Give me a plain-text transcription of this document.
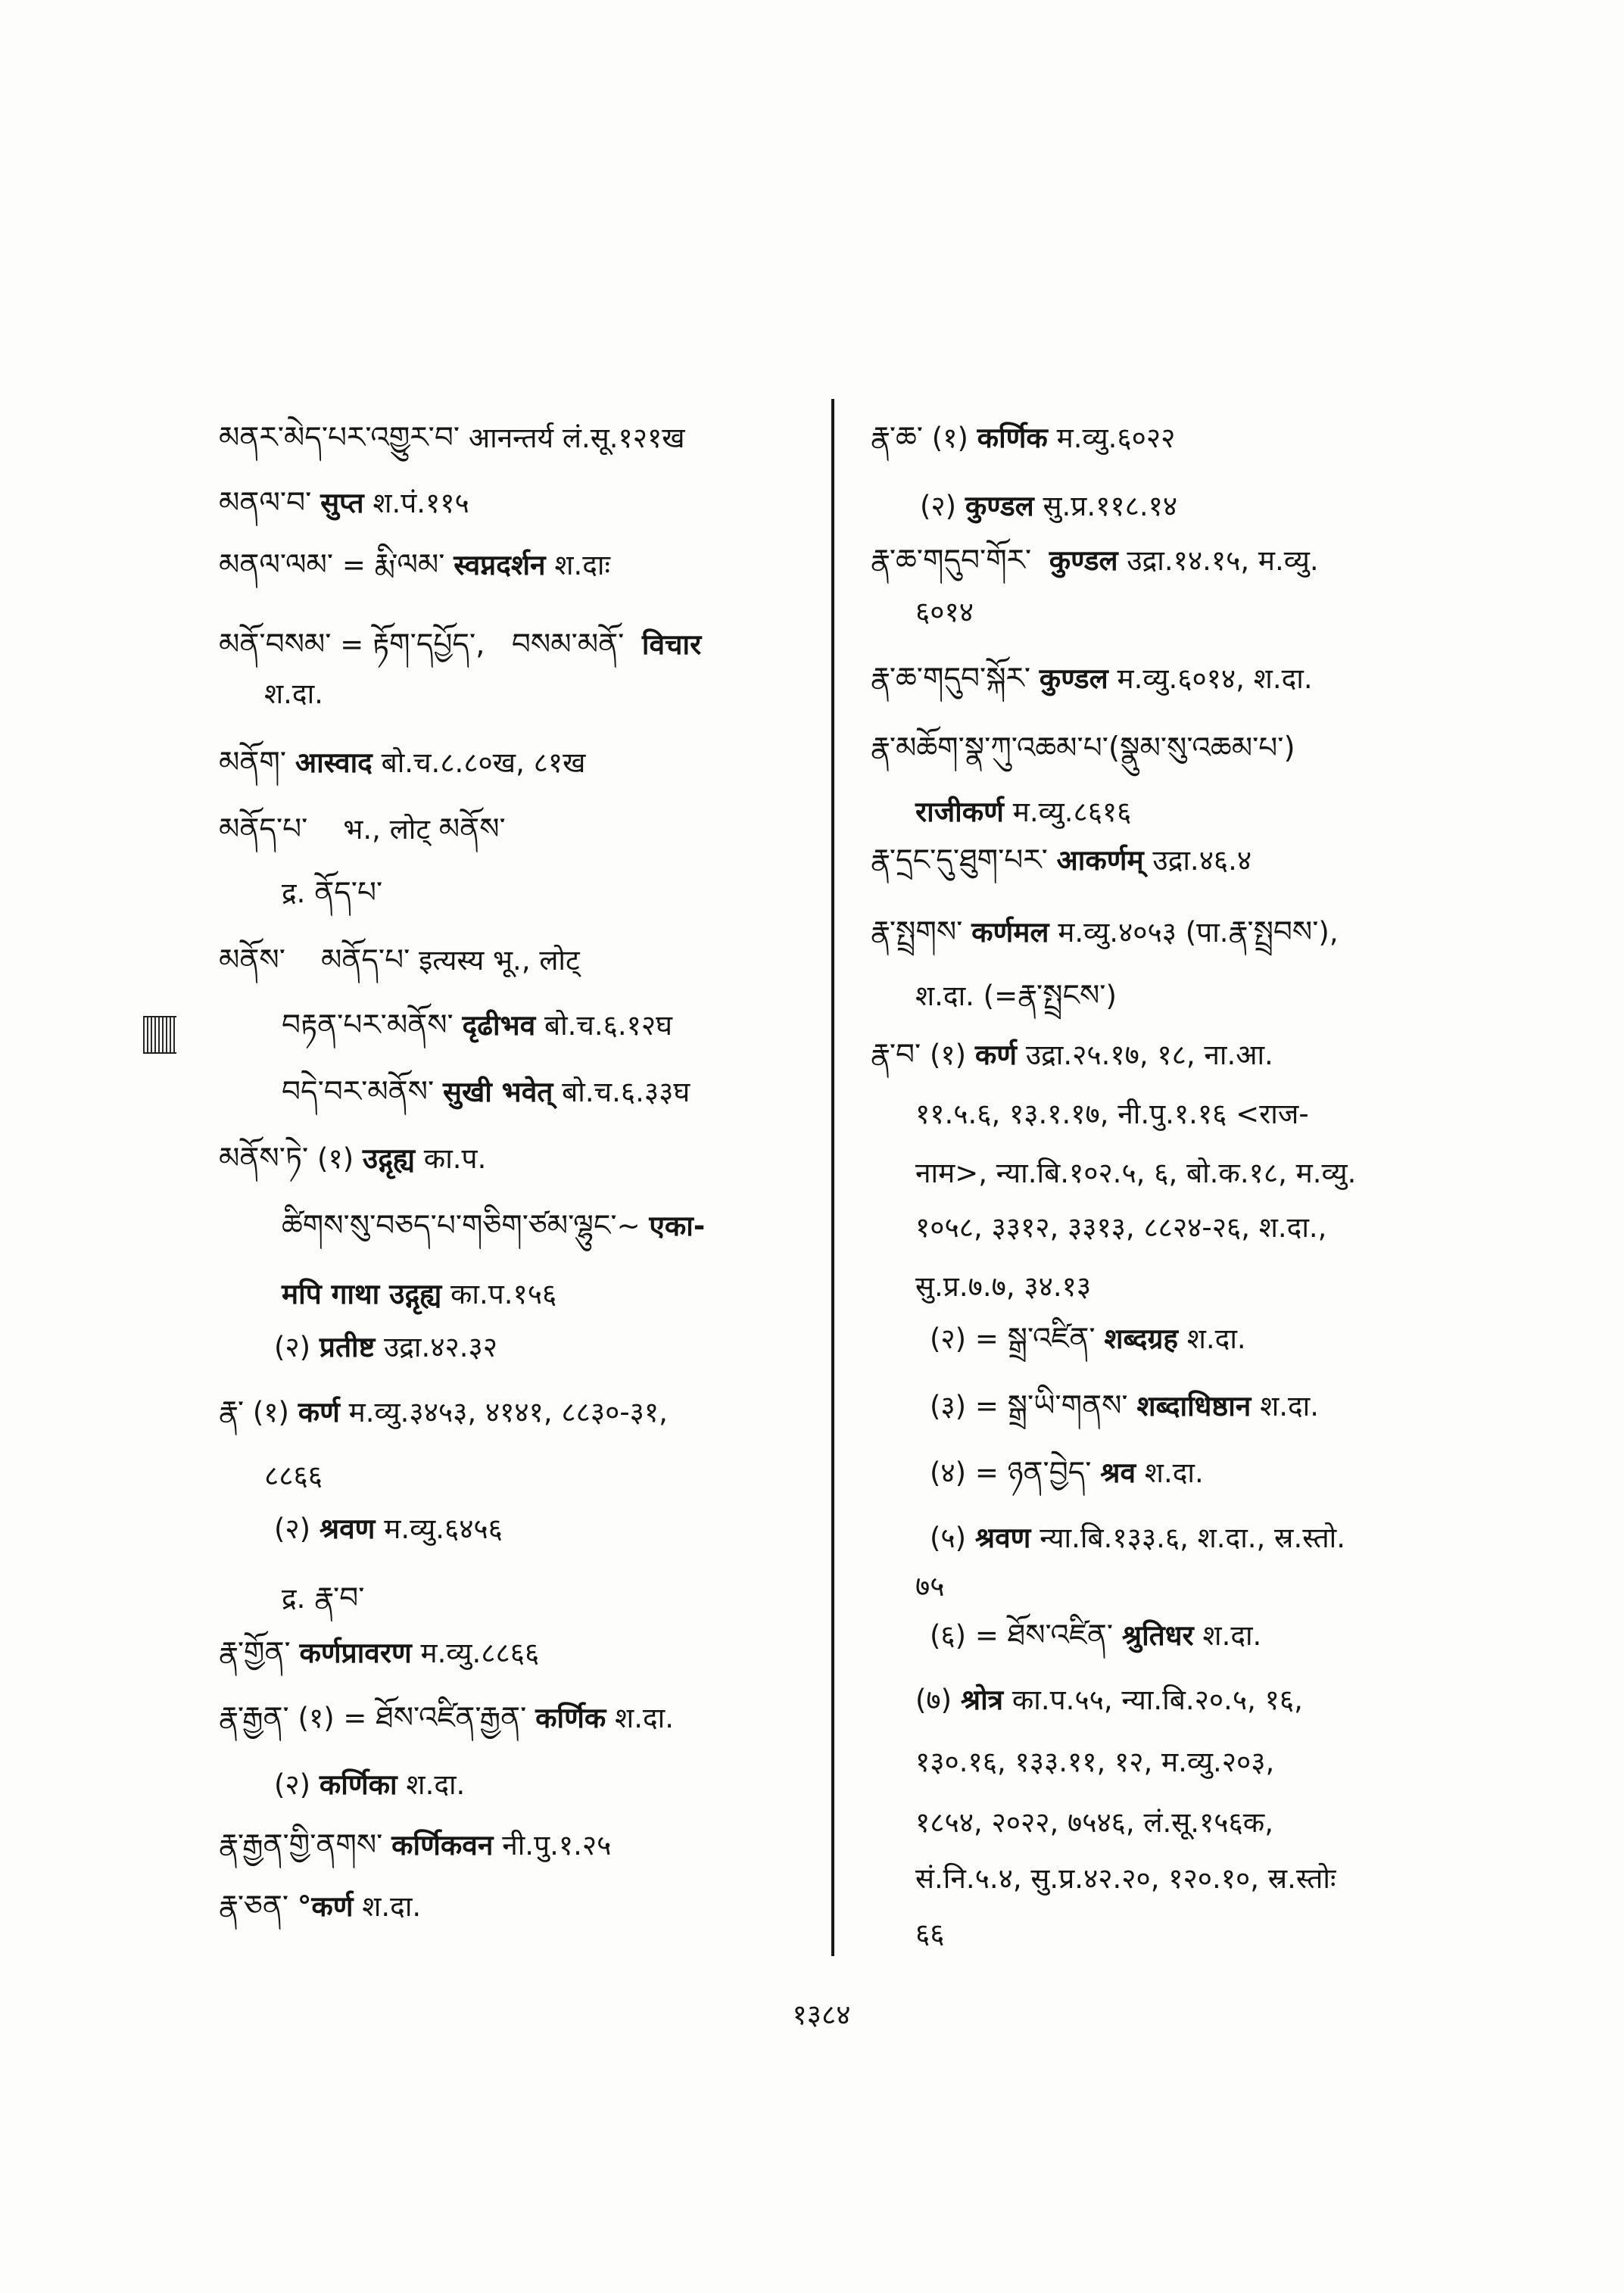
མནར་མེད་པར་འགྱུར་བ་ आनन्तर्य लं.सू.१२१ख
མནལ་བ་ सुप्त श.पं.११५
མནལ་ལམ་ = རྨི་ལམ་ स्वप्नदर्शन श.दाः
མནོ་བསམ་ = རྟོག་དཔྱོད་, བསམ་མནོ་ विचार
श.दा.
མནོག་ आस्वाद बो.च.८.८०ख, ८१ख
མནོད་པ་ भ., लोट् མནོས་
द्र. ནོད་པ་
མནོས་ མནོད་པ་ इत्यस्य भू., लोट्
བརྟན་པར་མནོས་ दृढीभव बो.च.६.१२घ
བདེ་བར་མནོས་ सुखी भवेत् बो.च.६.३३घ
མནོས་ཏེ་ (१) उद्गृह्य का.प.
ཚིགས་སུ་བཅད་པ་གཅིག་ཙམ་ལྷུང་~ एका-
मपि गाथा उद्गृह्य का.प.१५६
(२) प्रतीष्ट उद्रा.४२.३२
རྣ་ (१) कर्ण म.व्यु.३४५३, ४१४१, ८८३०-३१,
८८६६
(२) श्रवण म.व्यु.६४५६
द्र. རྣ་བ་
རྣ་གྱོན་ कर्णप्रावरण म.व्यु.८८६६
རྣ་རྒྱན་ (१) = ཐོས་འཛིན་རྒྱན་ कर्णिक श.दा.
(२) कर्णिका श.दा.
རྣ་རྒྱན་གྱི་ནགས་ कर्णिकवन नी.पु.१.२५
རྣ་ཅན་ °कर्ण श.दा.
རྣ་ཆ་ (१) कर्णिक म.व्यु.६०२२
(२) कुण्डल सु.प्र.११८.१४
རྣ་ཆ་གདུབ་གོར་ कुण्डल उद्रा.१४.१५, म.व्यु.
६०१४
རྣ་ཆ་གདུབ་སྐོར་ कुण्डल म.व्यु.६०१४, श.दा.
རྣ་མཆོག་སྣ་ཀུ་འཆམ་པ་(སྣུམ་སུ་འཆམ་པ་)
राजीकर्ण म.व्यु.८६१६
རྣ་དྲང་དུ་ཐུག་པར་ आकर्णम् उद्रा.४६.४
རྣ་སྤྲགས་ कर्णमल म.व्यु.४०५३ (पा.རྣ་སྤྲབས་),
श.दा. (=རྣ་སྤྲངས་)
རྣ་བ་ (१) कर्ण उद्रा.२५.१७, १८, ना.आ.
११.५.६, १३.१.१७, नी.पु.१.१६ <राज-
नाम>, न्या.बि.१०२.५, ६, बो.क.१८, म.व्यु.
१०५८, ३३१२, ३३१३, ८८२४-२६, श.दा.,
सु.प्र.७.७, ३४.१३
(२) = སྒྲ་འཛིན་ शब्दग्रह श.दा.
(३) = སྒྲ་ཡི་གནས་ शब्दाधिष्ठान श.दा.
(४) = ཉན་བྱེད་ श्रव श.दा.
(५) श्रवण न्या.बि.१३३.६, श.दा., स्र.स्तो.
७५
(६) = ཐོས་འཛིན་ श्रुतिधर श.दा.
(७) श्रोत्र का.प.५५, न्या.बि.२०.५, १६,
१३०.१६, १३३.११, १२, म.व्यु.२०३,
१८५४, २०२२, ७५४६, लं.सू.१५६क,
सं.नि.५.४, सु.प्र.४२.२०, १२०.१०, स्र.स्तोः
६६
१३८४
